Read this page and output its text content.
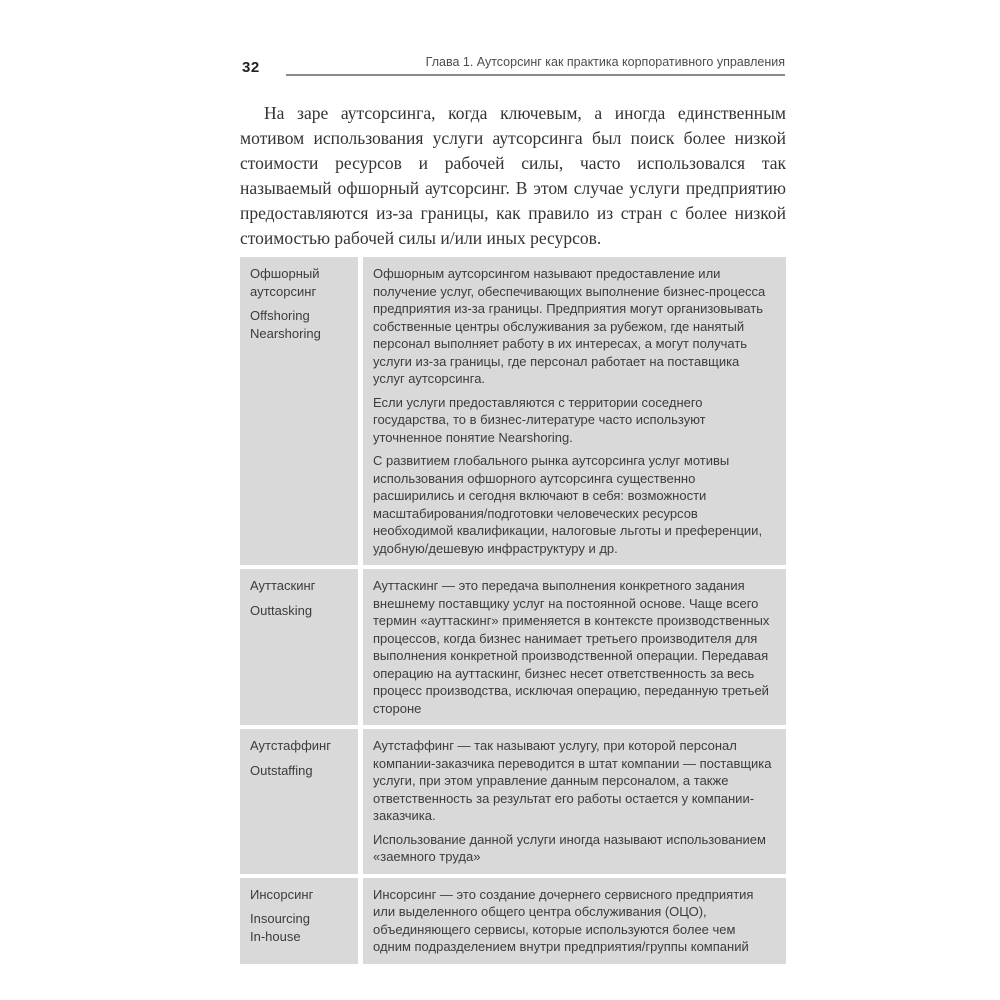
32	Глава 1. Аутсорсинг как практика корпоративного управления

На заре аутсорсинга, когда ключевым, а иногда единственным мотивом использования услуги аутсорсинга был поиск более низкой стоимости ресурсов и рабочей силы, часто использовался так называемый офшорный аутсорсинг. В этом случае услуги предприятию предоставляются из-за границы, как правило из стран с более низкой стоимостью рабочей силы и/или иных ресурсов.

Офшорный аутсорсинг

Offshoring
Nearshoring

Офшорным аутсорсингом называют предоставление или получение услуг, обеспечивающих выполнение бизнес-процесса предприятия из-за границы. Предприятия могут организовывать собственные центры обслуживания за рубежом, где нанятый персонал выполняет работу в их интересах, а могут получать услуги из-за границы, где персонал работает на поставщика услуг аутсорсинга.

Если услуги предоставляются с территории соседнего государства, то в бизнес-литературе часто используют уточненное понятие Nearshoring.

С развитием глобального рынка аутсорсинга услуг мотивы использования офшорного аутсорсинга существенно расширились и сегодня включают в себя: возможности масштабирования/подготовки человеческих ресурсов необходимой квалификации, налоговые льготы и преференции, удобную/дешевую инфраструктуру и др.

Ауттаскинг

Outtasking

Ауттаскинг — это передача выполнения конкретного задания внешнему поставщику услуг на постоянной основе. Чаще всего термин «ауттаскинг» применяется в контексте производственных процессов, когда бизнес нанимает третьего производителя для выполнения конкретной производственной операции. Передавая операцию на ауттаскинг, бизнес несет ответственность за весь процесс производства, исключая операцию, переданную третьей стороне

Аутстаффинг

Outstaffing

Аутстаффинг — так называют услугу, при которой персонал компании-заказчика переводится в штат компании — поставщика услуги, при этом управление данным персоналом, а также ответственность за результат его работы остается у компании-заказчика.

Использование данной услуги иногда называют использованием «заемного труда»

Инсорсинг

Insourcing
In-house

Инсорсинг — это создание дочернего сервисного предприятия или выделенного общего центра обслуживания (ОЦО), объединяющего сервисы, которые используются более чем одним подразделением внутри предприятия/группы компаний
